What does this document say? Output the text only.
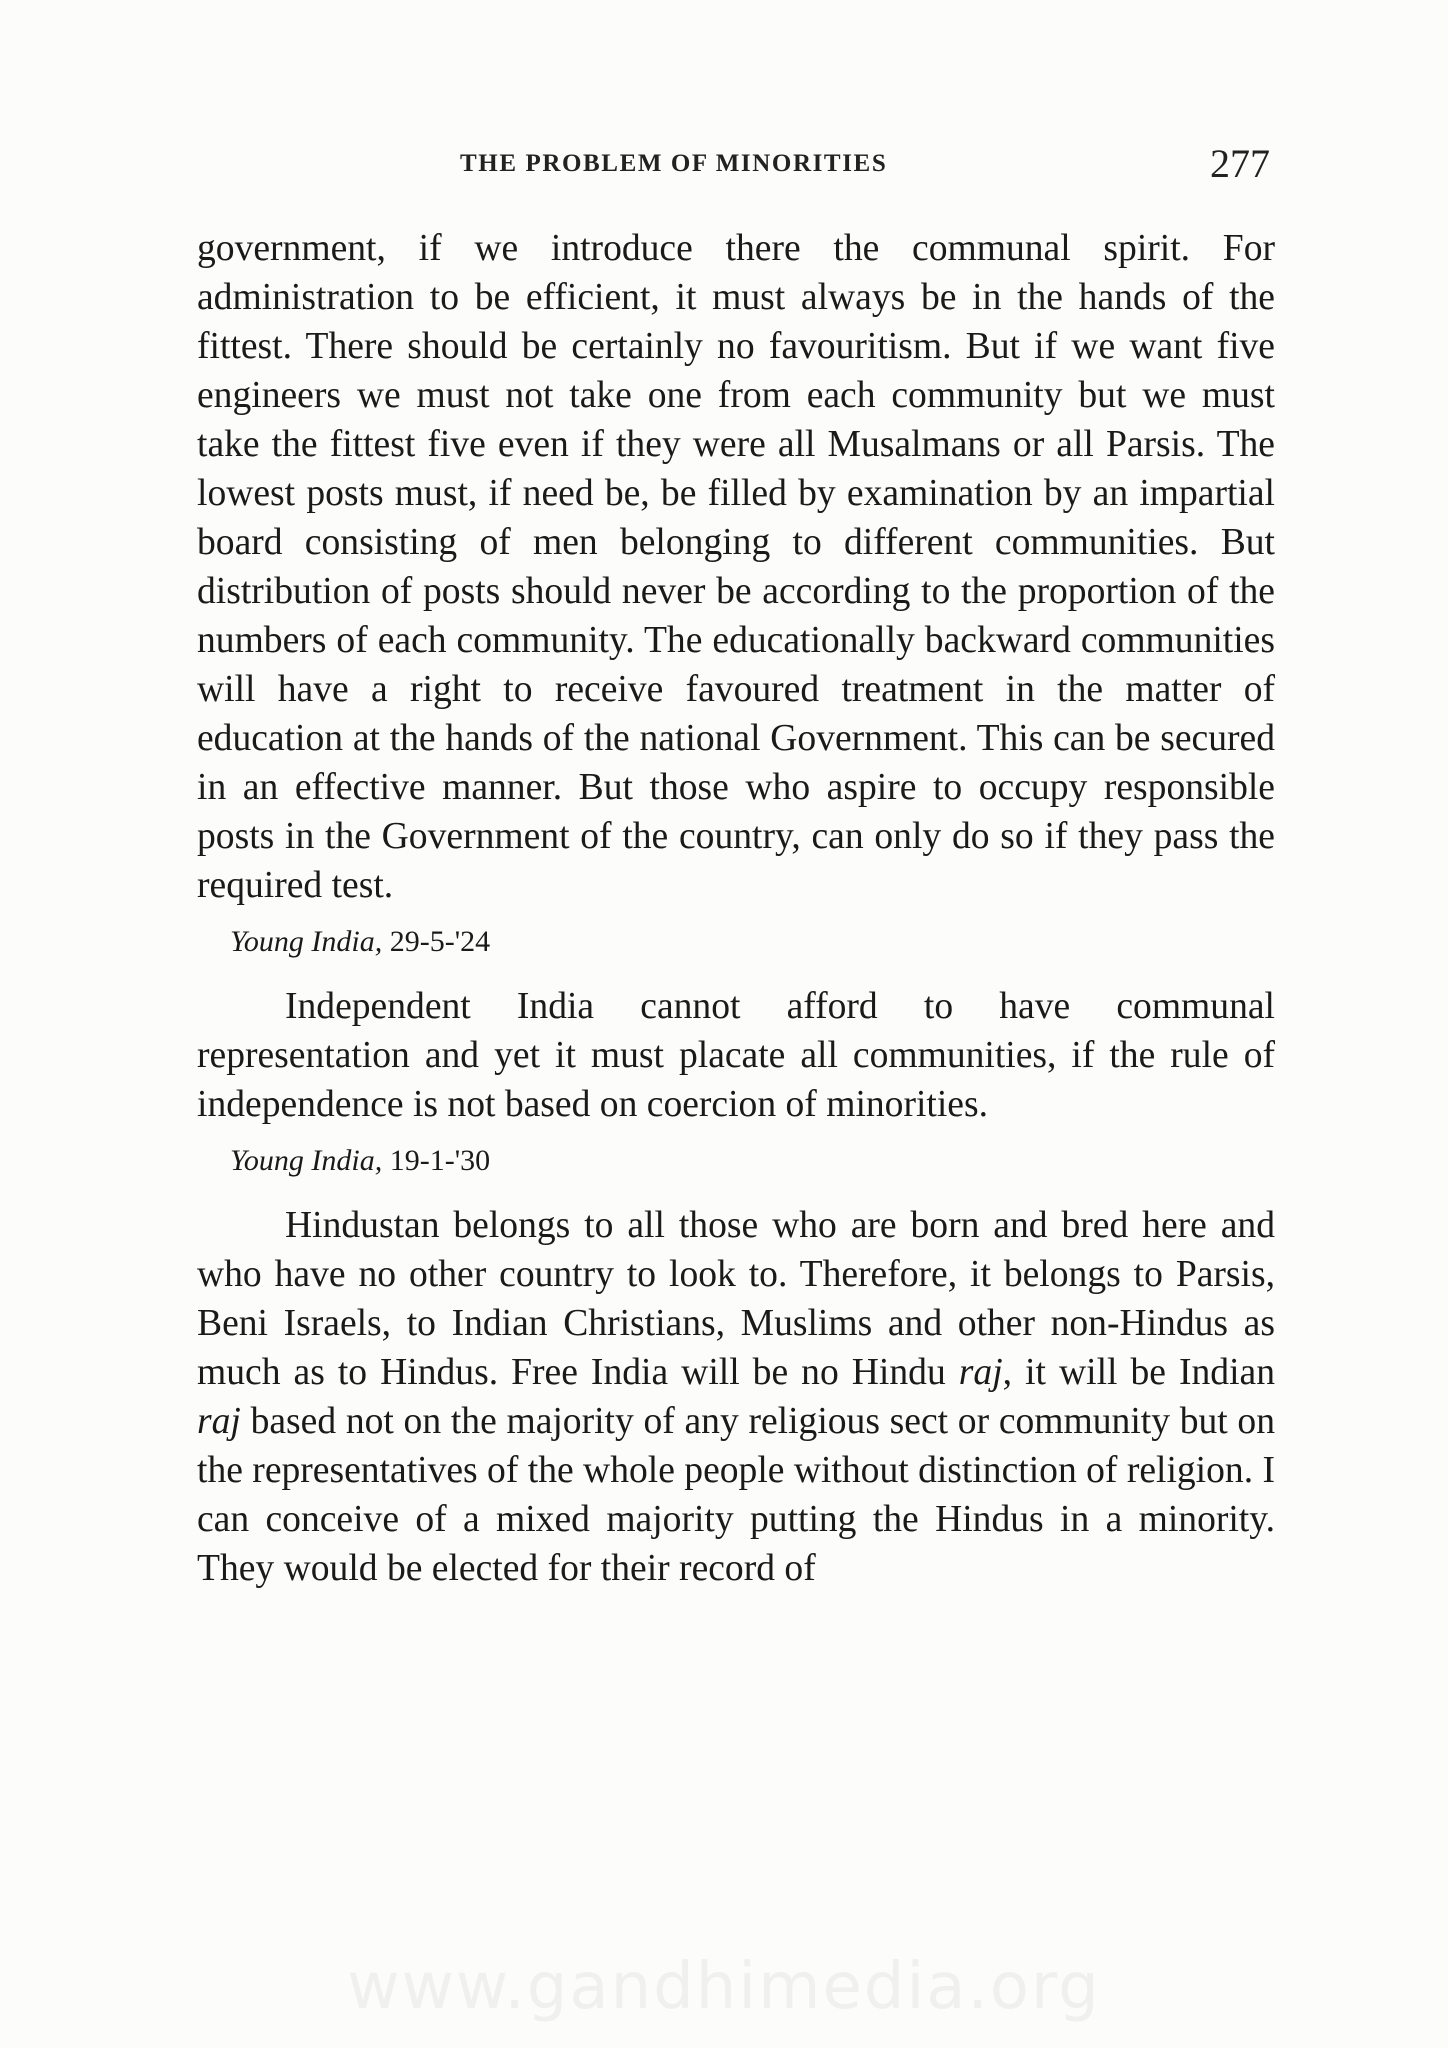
THE PROBLEM OF MINORITIES	277

government, if we introduce there the communal spirit. For administration to be efficient, it must always be in the hands of the fittest. There should be certainly no favouritism. But if we want five engineers we must not take one from each community but we must take the fittest five even if they were all Musalmans or all Parsis. The lowest posts must, if need be, be filled by examination by an impartial board consisting of men belonging to different communities. But distribution of posts should never be according to the proportion of the numbers of each community. The educationally backward communities will have a right to receive favoured treatment in the matter of education at the hands of the national Government. This can be secured in an effective manner. But those who aspire to occupy responsible posts in the Government of the country, can only do so if they pass the required test.

Young India, 29-5-'24

Independent India cannot afford to have communal representation and yet it must placate all communities, if the rule of independence is not based on coercion of minorities.

Young India, 19-1-'30

Hindustan belongs to all those who are born and bred here and who have no other country to look to. Therefore, it belongs to Parsis, Beni Israels, to Indian Christians, Muslims and other non-Hindus as much as to Hindus. Free India will be no Hindu raj, it will be Indian raj based not on the majority of any religious sect or community but on the representatives of the whole people without distinction of religion. I can conceive of a mixed majority putting the Hindus in a minority. They would be elected for their record of

www.gandhimedia.org
